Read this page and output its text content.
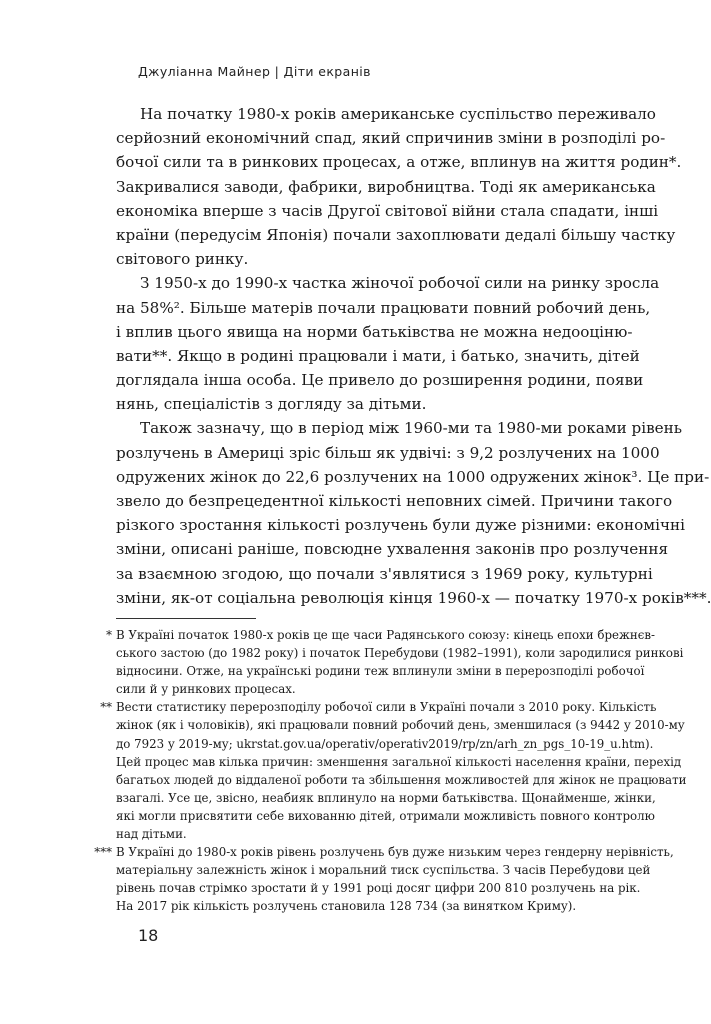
Джуліанна Майнер | Діти екранів
На початку 1980-х років американське суспільство переживало
серйозний економічний спад, який спричинив зміни в розподілі ро-
бочої сили та в ринкових процесах, а отже, вплинув на життя родин*.
Закривалися заводи, фабрики, виробництва. Тоді як американська
економіка вперше з часів Другої світової війни стала спадати, інші
країни (передусім Японія) почали захоплювати дедалі більшу частку
світового ринку.
З 1950-х до 1990-х частка жіночої робочої сили на ринку зросла
на 58%². Більше матерів почали працювати повний робочий день,
і вплив цього явища на норми батьківства не можна недооціню-
вати**. Якщо в родині працювали і мати, і батько, значить, дітей
доглядала інша особа. Це привело до розширення родини, появи
нянь, спеціалістів з догляду за дітьми.
Також зазначу, що в період між 1960-ми та 1980-ми роками рівень
розлучень в Америці зріс більш як удвічі: з 9,2 розлучених на 1000
одружених жінок до 22,6 розлучених на 1000 одружених жінок³. Це при-
звело до безпрецедентної кількості неповних сімей. Причини такого
різкого зростання кількості розлучень були дуже різними: економічні
зміни, описані раніше, повсюдне ухвалення законів про розлучення
за взаємною згодою, що почали з'являтися з 1969 року, культурні
зміни, як-от соціальна революція кінця 1960-х — початку 1970-х років***.
* В Україні початок 1980-х років це ще часи Радянського союзу: кінець епохи брежнєв-
ського застою (до 1982 року) і початок Перебудови (1982–1991), коли зародилися ринкові
відносини. Отже, на українські родини теж вплинули зміни в перерозподілі робочої
сили й у ринкових процесах.
** Вести статистику перерозподілу робочої сили в Україні почали з 2010 року. Кількість
жінок (як і чоловіків), які працювали повний робочий день, зменшилася (з 9442 у 2010-му
до 7923 у 2019-му; ukrstat.gov.ua/operativ/operativ2019/rp/zn/arh_zn_pgs_10-19_u.htm).
Цей процес мав кілька причин: зменшення загальної кількості населення країни, перехід
багатьох людей до віддаленої роботи та збільшення можливостей для жінок не працювати
взагалі. Усе це, звісно, неабияк вплинуло на норми батьківства. Щонайменше, жінки,
які могли присвятити себе вихованню дітей, отримали можливість повного контролю
над дітьми.
*** В Україні до 1980-х років рівень розлучень був дуже низьким через гендерну нерівність,
матеріальну залежність жінок і моральний тиск суспільства. З часів Перебудови цей
рівень почав стрімко зростати й у 1991 році досяг цифри 200 810 розлучень на рік.
На 2017 рік кількість розлучень становила 128 734 (за винятком Криму).
18
